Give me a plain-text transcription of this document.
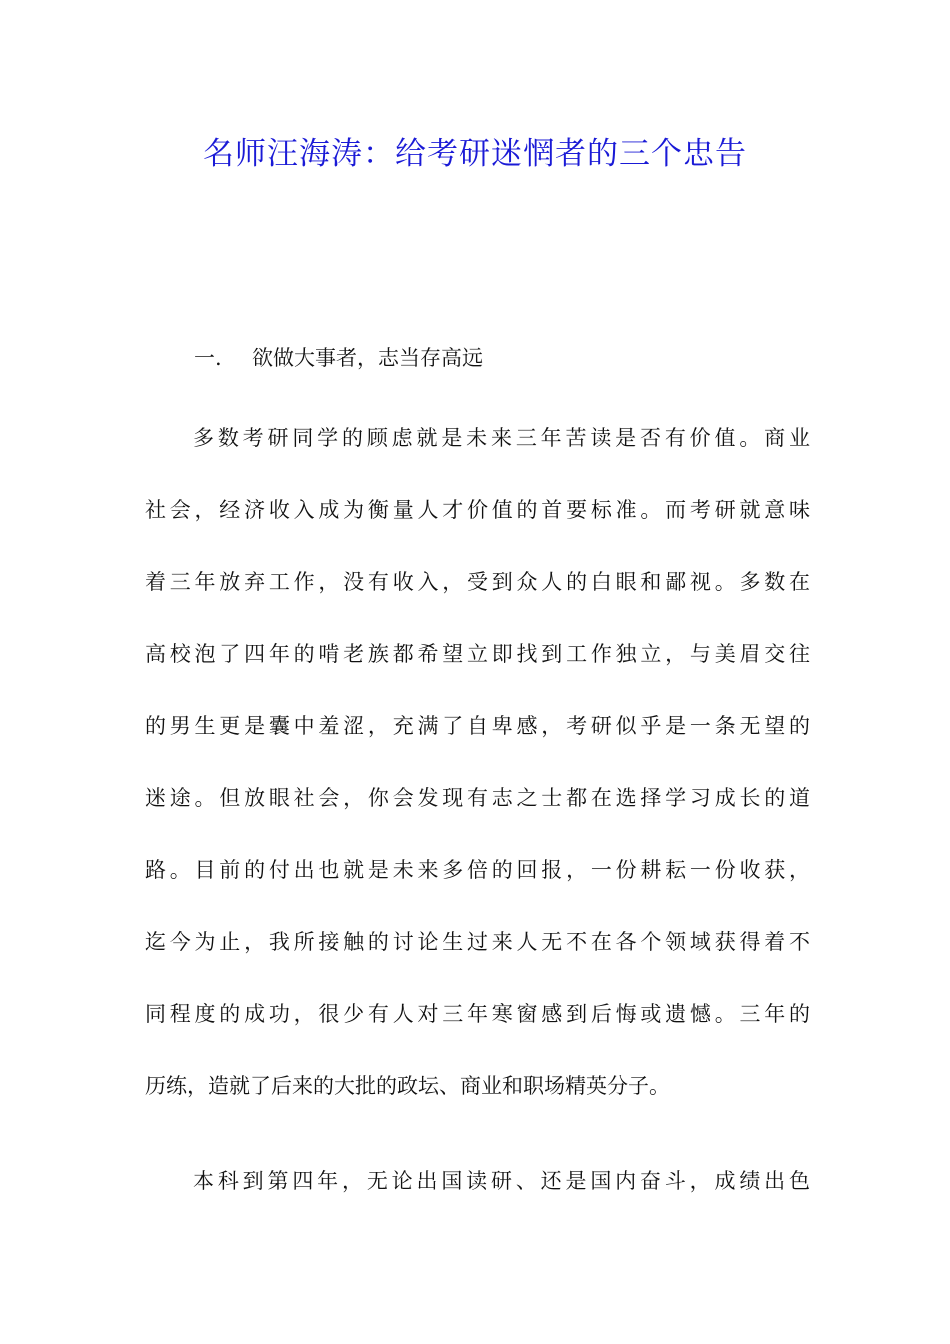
名师汪海涛：给考研迷惘者的三个忠告
一. 欲做大事者，志当存高远
多数考研同学的顾虑就是未来三年苦读是否有价值。商业
社会，经济收入成为衡量人才价值的首要标准。而考研就意味
着三年放弃工作，没有收入，受到众人的白眼和鄙视。多数在
高校泡了四年的啃老族都希望立即找到工作独立，与美眉交往
的男生更是囊中羞涩，充满了自卑感，考研似乎是一条无望的
迷途。但放眼社会，你会发现有志之士都在选择学习成长的道
路。目前的付出也就是未来多倍的回报，一份耕耘一份收获，
迄今为止，我所接触的讨论生过来人无不在各个领域获得着不
同程度的成功，很少有人对三年寒窗感到后悔或遗憾。三年的
历练，造就了后来的大批的政坛、商业和职场精英分子。
本科到第四年，无论出国读研、还是国内奋斗，成绩出色
